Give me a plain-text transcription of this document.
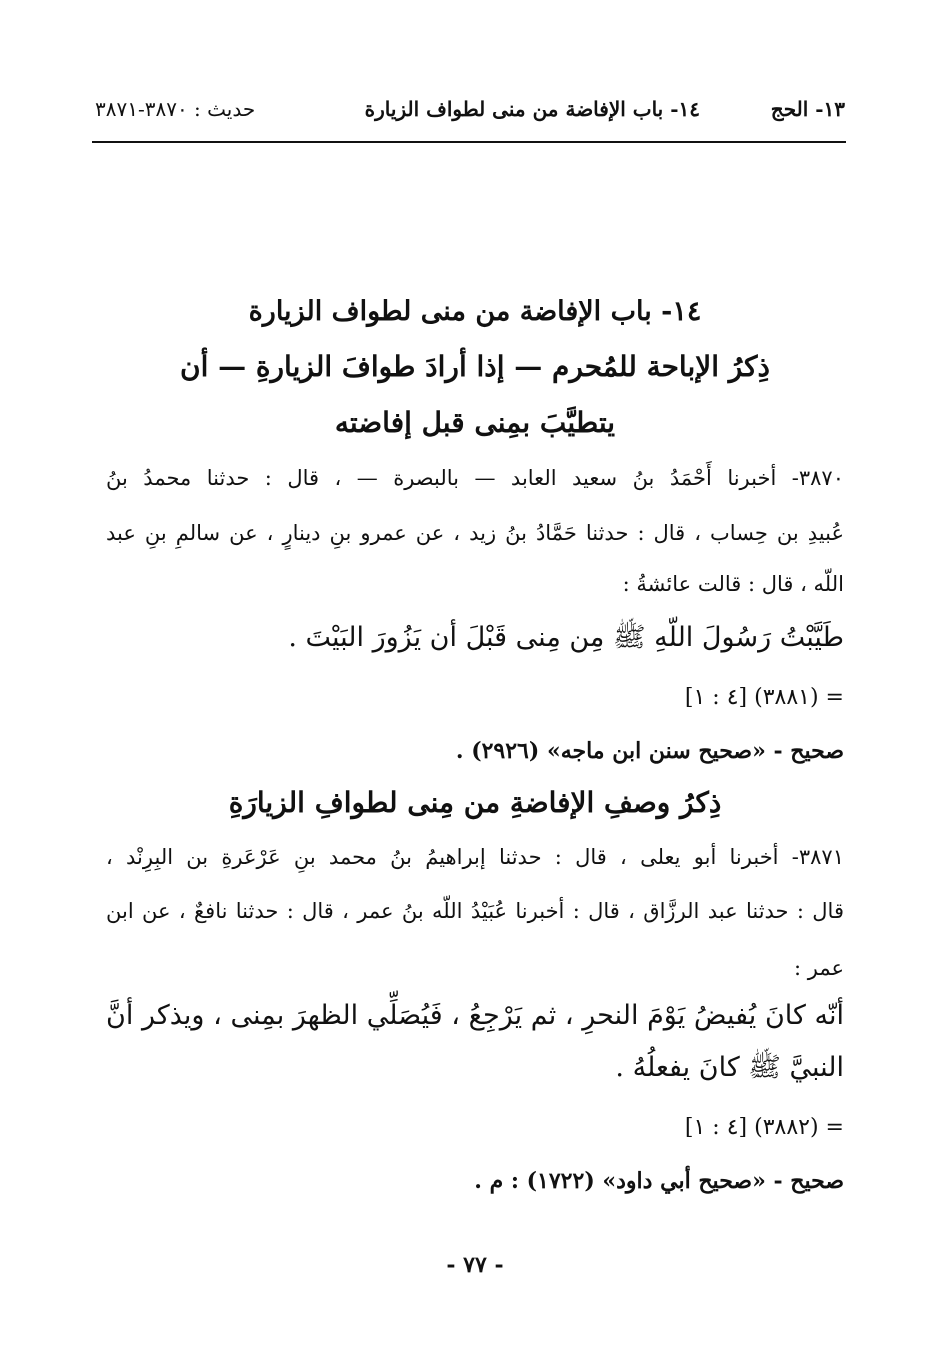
١٣- الحج
١٤- باب الإفاضة من منى لطواف الزيارة
حديث : ٣٨٧٠-٣٨٧١
١٤- باب الإفاضة من منى لطواف الزيارة
ذِكرُ الإباحة للمُحرم — إذا أرادَ طوافَ الزيارةِ — أن
يتطيَّبَ بمِنى قبل إفاضته
٣٨٧٠- أخبرنا أَحْمَدُ بنُ سعيد العابد — بالبصرة — ، قال : حدثنا محمدُ بنُ
عُبيدِ بن حِساب ، قال : حدثنا حَمَّادُ بنُ زيد ، عن عمرو بنِ دينارٍ ، عن سالمِ بنِ عبد
اللّه ، قال : قالت عائشةُ :
طَيَّبْتُ رَسُولَ اللّهِ ﷺ مِن مِنى قَبْلَ أن يَزُورَ البَيْتَ .
= (٣٨٨١) [٤ : ١]
صحيح - «صحيح سنن ابن ماجه» (٢٩٢٦) .
ذِكرُ وصفِ الإفاضةِ من مِنى لطوافِ الزيارَةِ
٣٨٧١- أخبرنا أبو يعلى ، قال : حدثنا إبراهيمُ بنُ محمد بنِ عَرْعَرةِ بن البِرِنْد ،
قال : حدثنا عبد الرزَّاق ، قال : أخبرنا عُبَيْدُ اللّه بنُ عمر ، قال : حدثنا نافعٌ ، عن ابن
عمر :
أنّه كانَ يُفيضُ يَوْمَ النحرِ ، ثم يَرْجِعُ ، فَيُصَلِّي الظهرَ بمِنى ، ويذكر أنَّ
النبيَّ ﷺ كانَ يفعلُهُ .
= (٣٨٨٢) [٤ : ١]
صحيح - «صحيح أبي داود» (١٧٢٢) : م .
- ٧٧ -
